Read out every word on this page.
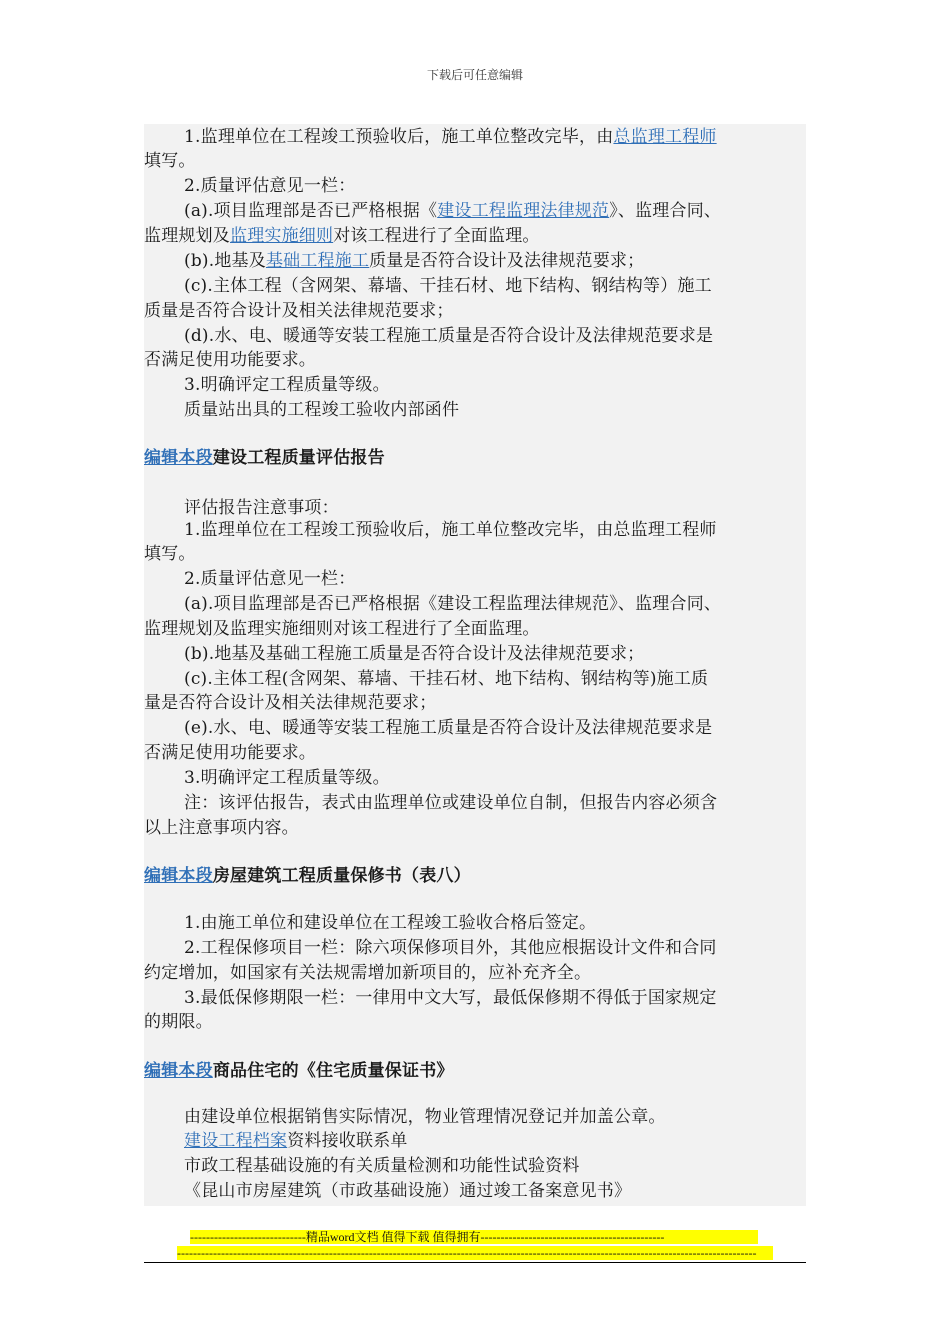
下载后可任意编辑
1.监理单位在工程竣工预验收后，施工单位整改完毕，由总监理工程师
填写。
2.质量评估意见一栏：
(a).项目监理部是否已严格根据《建设工程监理法律规范》、监理合同、
监理规划及监理实施细则对该工程进行了全面监理。
(b).地基及基础工程施工质量是否符合设计及法律规范要求；
(c).主体工程（含网架、幕墙、干挂石材、地下结构、钢结构等）施工
质量是否符合设计及相关法律规范要求；
(d).水、电、暖通等安装工程施工质量是否符合设计及法律规范要求是
否满足使用功能要求。
3.明确评定工程质量等级。
质量站出具的工程竣工验收内部函件
编辑本段建设工程质量评估报告
评估报告注意事项：
1.监理单位在工程竣工预验收后，施工单位整改完毕，由总监理工程师
填写。
2.质量评估意见一栏：
(a).项目监理部是否已严格根据《建设工程监理法律规范》、监理合同、
监理规划及监理实施细则对该工程进行了全面监理。
(b).地基及基础工程施工质量是否符合设计及法律规范要求；
(c).主体工程(含网架、幕墙、干挂石材、地下结构、钢结构等)施工质
量是否符合设计及相关法律规范要求；
(e).水、电、暖通等安装工程施工质量是否符合设计及法律规范要求是
否满足使用功能要求。
3.明确评定工程质量等级。
注：该评估报告，表式由监理单位或建设单位自制，但报告内容必须含
以上注意事项内容。
编辑本段房屋建筑工程质量保修书（表八）
1.由施工单位和建设单位在工程竣工验收合格后签定。
2.工程保修项目一栏：除六项保修项目外，其他应根据设计文件和合同
约定增加，如国家有关法规需增加新项目的，应补充齐全。
3.最低保修期限一栏：一律用中文大写，最低保修期不得低于国家规定
的期限。
编辑本段商品住宅的《住宅质量保证书》
由建设单位根据销售实际情况，物业管理情况登记并加盖公章。
建设工程档案资料接收联系单
市政工程基础设施的有关质量检测和功能性试验资料
《昆山市房屋建筑（市政基础设施）通过竣工备案意见书》
-----------------------------精品word文档 值得下载 值得拥有----------------------------------------------
-------------------------------------------------------------------------------------------------------------------------------------------------
